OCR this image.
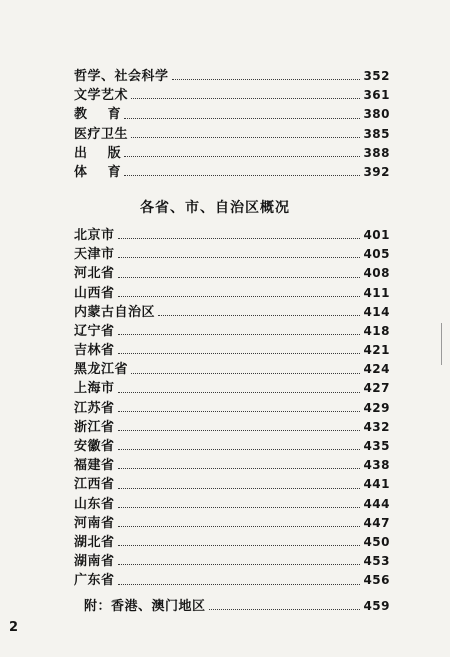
哲学、社会科学	352
文学艺术	361
教    育	380
医疗卫生	385
出    版	388
体    育	392
各省、市、自治区概况
北京市	401
天津市	405
河北省	408
山西省	411
内蒙古自治区	414
辽宁省	418
吉林省	421
黑龙江省	424
上海市	427
江苏省	429
浙江省	432
安徽省	435
福建省	438
江西省	441
山东省	444
河南省	447
湖北省	450
湖南省	453
广东省	456
附：香港、澳门地区	459
2
